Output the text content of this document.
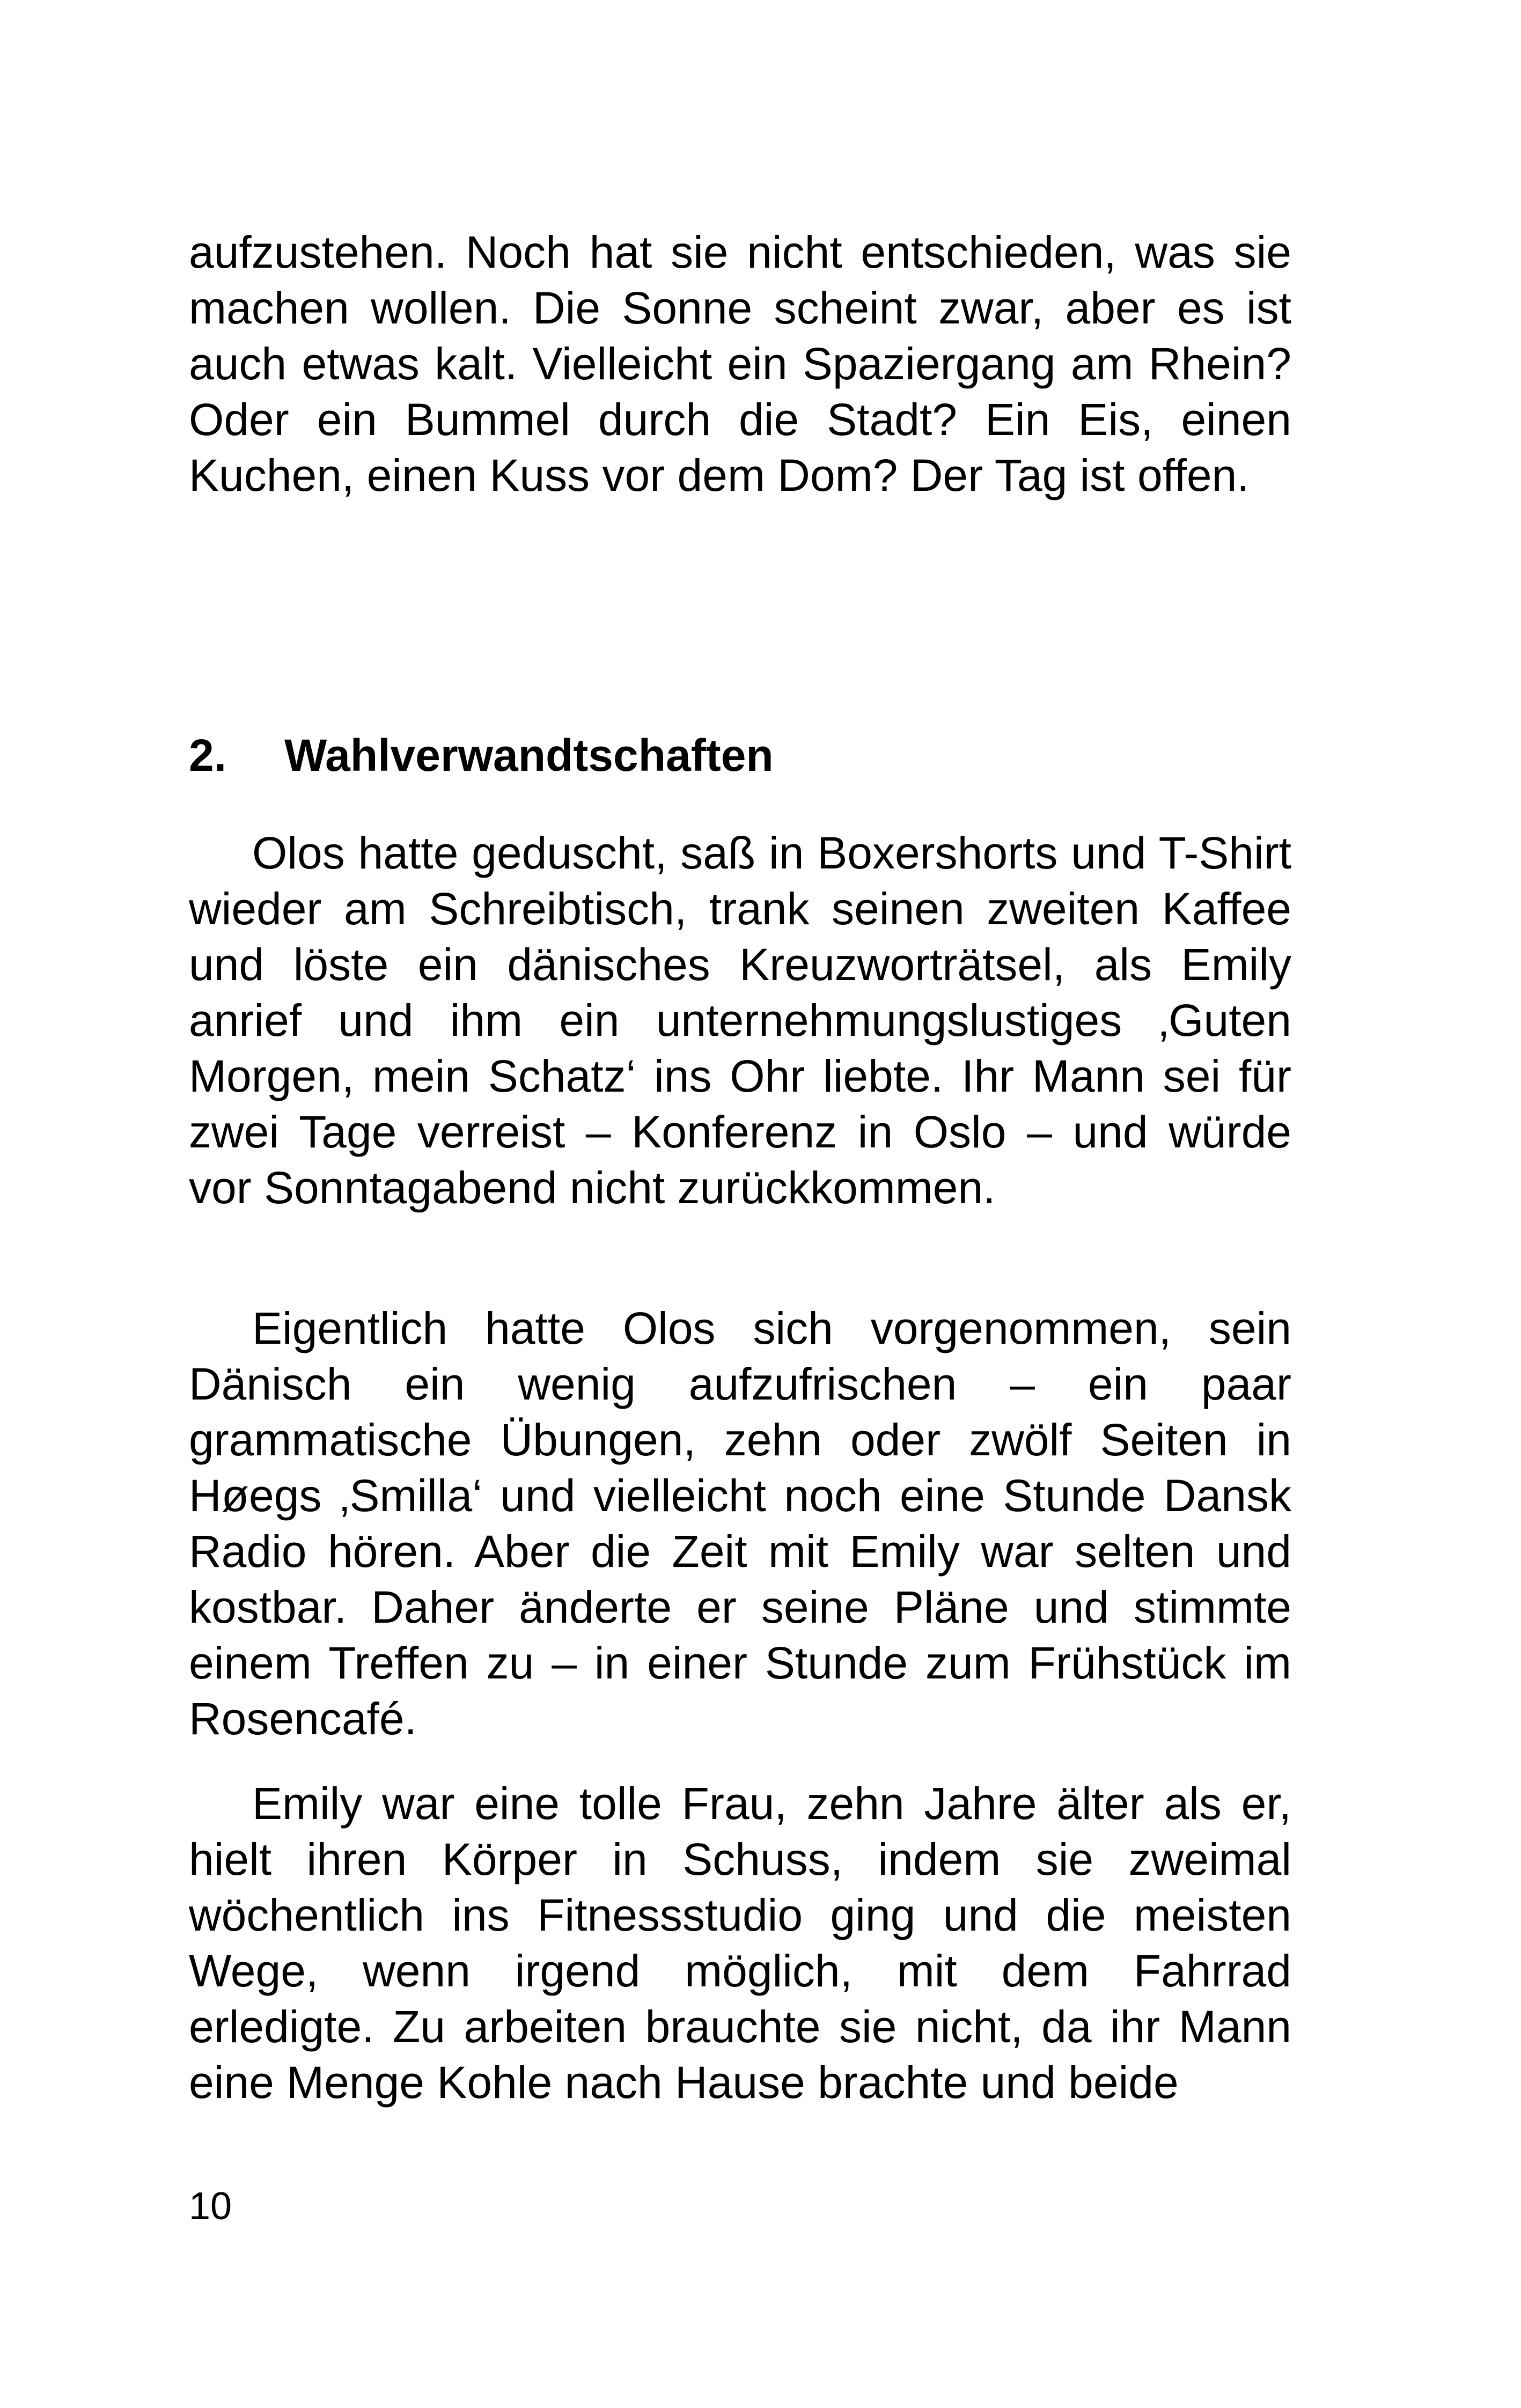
aufzustehen. Noch hat sie nicht entschieden, was sie machen wollen. Die Sonne scheint zwar, aber es ist auch etwas kalt. Vielleicht ein Spaziergang am Rhein? Oder ein Bummel durch die Stadt? Ein Eis, einen Kuchen, einen Kuss vor dem Dom? Der Tag ist offen.

2. Wahlverwandtschaften

Olos hatte geduscht, saß in Boxershorts und T-Shirt wieder am Schreibtisch, trank seinen zweiten Kaffee und löste ein dänisches Kreuzworträtsel, als Emily anrief und ihm ein unternehmungslustiges ‚Guten Morgen, mein Schatz‘ ins Ohr liebte. Ihr Mann sei für zwei Tage verreist – Konferenz in Oslo – und würde vor Sonntagabend nicht zurückkommen.

Eigentlich hatte Olos sich vorgenommen, sein Dänisch ein wenig aufzufrischen – ein paar grammatische Übungen, zehn oder zwölf Seiten in Høegs ‚Smilla‘ und vielleicht noch eine Stunde Dansk Radio hören. Aber die Zeit mit Emily war selten und kostbar. Daher änderte er seine Pläne und stimmte einem Treffen zu – in einer Stunde zum Frühstück im Rosencafé.

Emily war eine tolle Frau, zehn Jahre älter als er, hielt ihren Körper in Schuss, indem sie zweimal wöchentlich ins Fitnessstudio ging und die meisten Wege, wenn irgend möglich, mit dem Fahrrad erledigte. Zu arbeiten brauchte sie nicht, da ihr Mann eine Menge Kohle nach Hause brachte und beide

10
